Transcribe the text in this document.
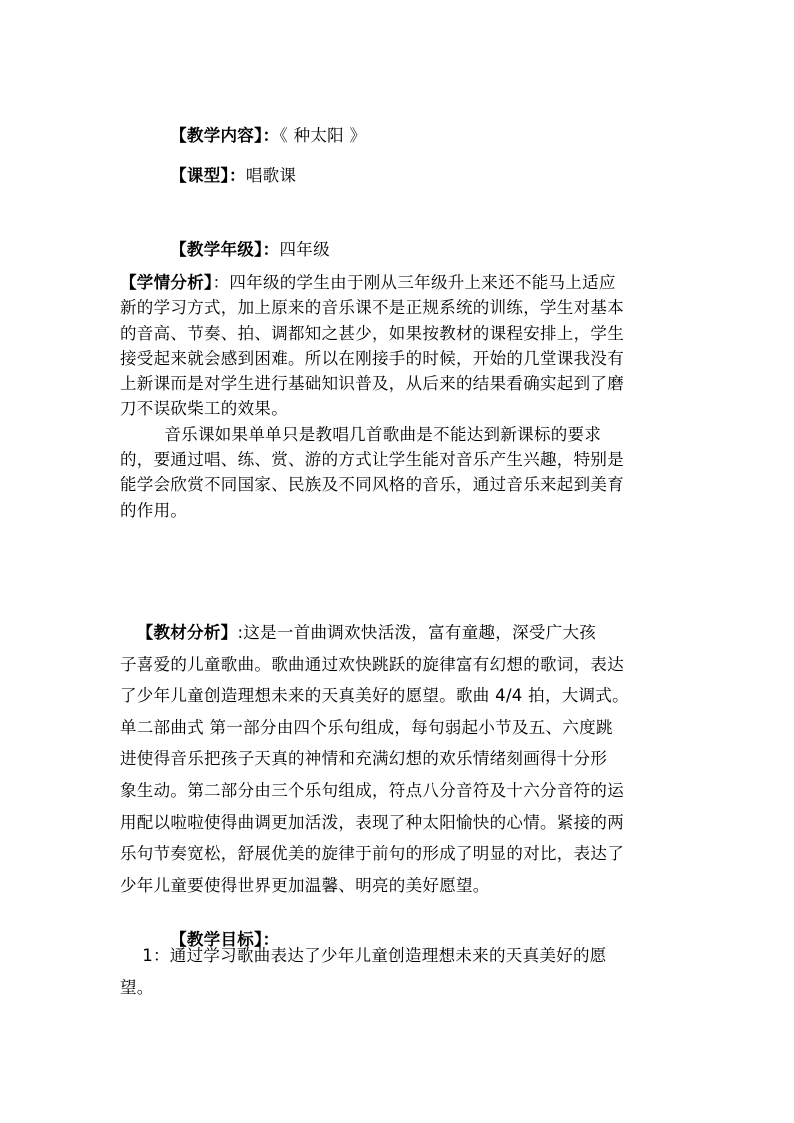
【教学内容】：《 种太阳 》

【课型】：唱歌课

【教学年级】：四年级

【学情分析】：四年级的学生由于刚从三年级升上来还不能马上适应
新的学习方式，加上原来的音乐课不是正规系统的训练，学生对基本
的音高、节奏、拍、调都知之甚少，如果按教材的课程安排上，学生
接受起来就会感到困难。所以在刚接手的时候，开始的几堂课我没有
上新课而是对学生进行基础知识普及，从后来的结果看确实起到了磨
刀不误砍柴工的效果。
音乐课如果单单只是教唱几首歌曲是不能达到新课标的要求
的，要通过唱、练、赏、游的方式让学生能对音乐产生兴趣，特别是
能学会欣赏不同国家、民族及不同风格的音乐，通过音乐来起到美育
的作用。
【教材分析】:这是一首曲调欢快活泼，富有童趣，深受广大孩
子喜爱的儿童歌曲。歌曲通过欢快跳跃的旋律富有幻想的歌词，表达
了少年儿童创造理想未来的天真美好的愿望。歌曲 4/4 拍，大调式。
单二部曲式 第一部分由四个乐句组成，每句弱起小节及五、六度跳
进使得音乐把孩子天真的神情和充满幻想的欢乐情绪刻画得十分形
象生动。第二部分由三个乐句组成，符点八分音符及十六分音符的运
用配以啦啦使得曲调更加活泼，表现了种太阳愉快的心情。紧接的两
乐句节奏宽松，舒展优美的旋律于前句的形成了明显的对比，表达了
少年儿童要使得世界更加温馨、明亮的美好愿望。

【教学目标】：

1：通过学习歌曲表达了少年儿童创造理想未来的天真美好的愿
望。
